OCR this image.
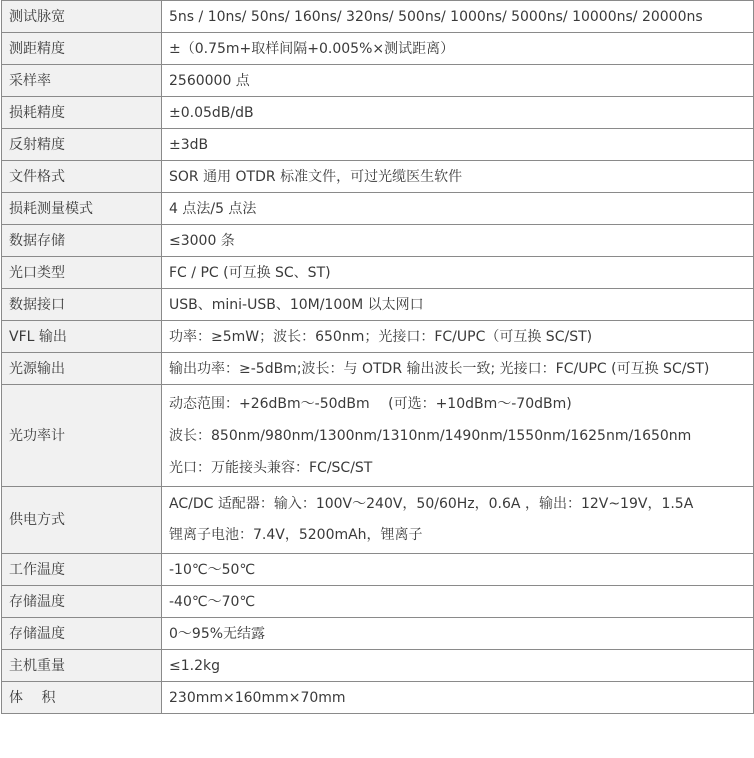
测试脉宽	5ns / 10ns/ 50ns/ 160ns/ 320ns/ 500ns/ 1000ns/ 5000ns/ 10000ns/ 20000ns
测距精度	±（0.75m+取样间隔+0.005%×测试距离）
采样率	2560000 点
损耗精度	±0.05dB/dB
反射精度	±3dB
文件格式	SOR 通用 OTDR 标准文件，可过光缆医生软件
损耗测量模式	4 点法/5 点法
数据存储	≤3000 条
光口类型	FC / PC (可互换 SC、ST)
数据接口	USB、mini-USB、10M/100M 以太网口
VFL 输出	功率：≥5mW；波长：650nm；光接口：FC/UPC（可互换 SC/ST)
光源输出	输出功率：≥-5dBm;波长：与 OTDR 输出波长一致; 光接口：FC/UPC (可互换 SC/ST)
光功率计	动态范围：+26dBm～-50dBm　 (可选：+10dBm～-70dBm)
波长：850nm/980nm/1300nm/1310nm/1490nm/1550nm/1625nm/1650nm
光口：万能接头兼容：FC/SC/ST

供电方式	AC/DC 适配器：输入：100V～240V，50/60Hz，0.6A ，输出：12V~19V，1.5A
锂离子电池：7.4V，5200mAh，锂离子

工作温度	-10℃～50℃
存储温度	-40℃～70℃
存储温度	0～95%无结露
主机重量	≤1.2kg
体　 积	230mm×160mm×70mm
